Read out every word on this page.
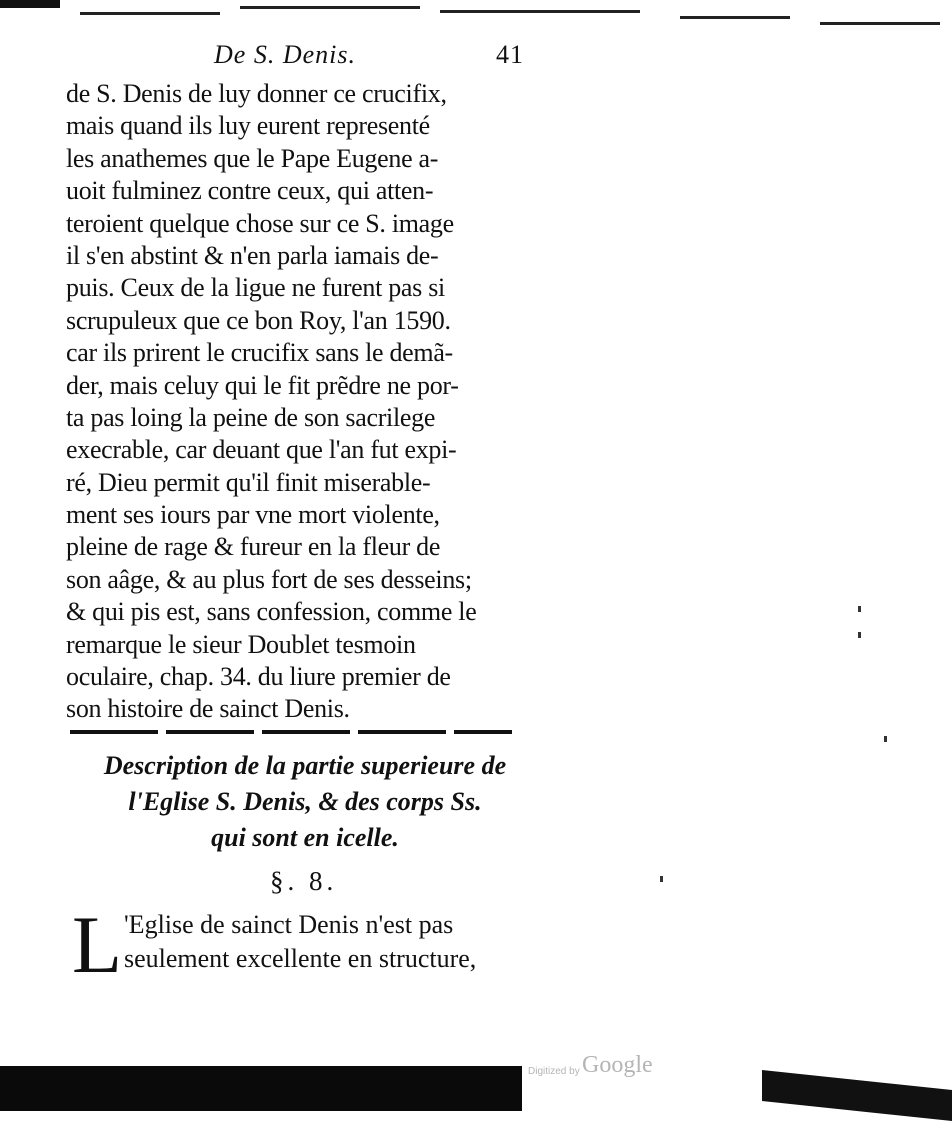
De S. Denis.	41
de S. Denis de luy donner ce crucifix,
mais quand ils luy eurent representé
les anathemes que le Pape Eugene a-
uoit fulminez contre ceux, qui atten-
teroient quelque chose sur ce S. image
il s'en abstint & n'en parla iamais de-
puis. Ceux de la ligue ne furent pas si
scrupuleux que ce bon Roy, l'an 1590.
car ils prirent le crucifix sans le demã-
der, mais celuy qui le fit prẽdre ne por-
ta pas loing la peine de son sacrilege
execrable, car deuant que l'an fut expi-
ré, Dieu permit qu'il finit miserable-
ment ses iours par vne mort violente,
pleine de rage & fureur en la fleur de
son aâge, & au plus fort de ses desseins;
& qui pis est, sans confession, comme le
remarque le sieur Doublet tesmoin
oculaire, chap. 34. du liure premier de
son histoire de sainct Denis.
Description de la partie superieure de
l'Eglise S. Denis, & des corps Ss.
qui sont en icelle.
§. 8.
L 'Eglise de sainct Denis n'est pas
seulement excellente en structure,
Digitized by Google
